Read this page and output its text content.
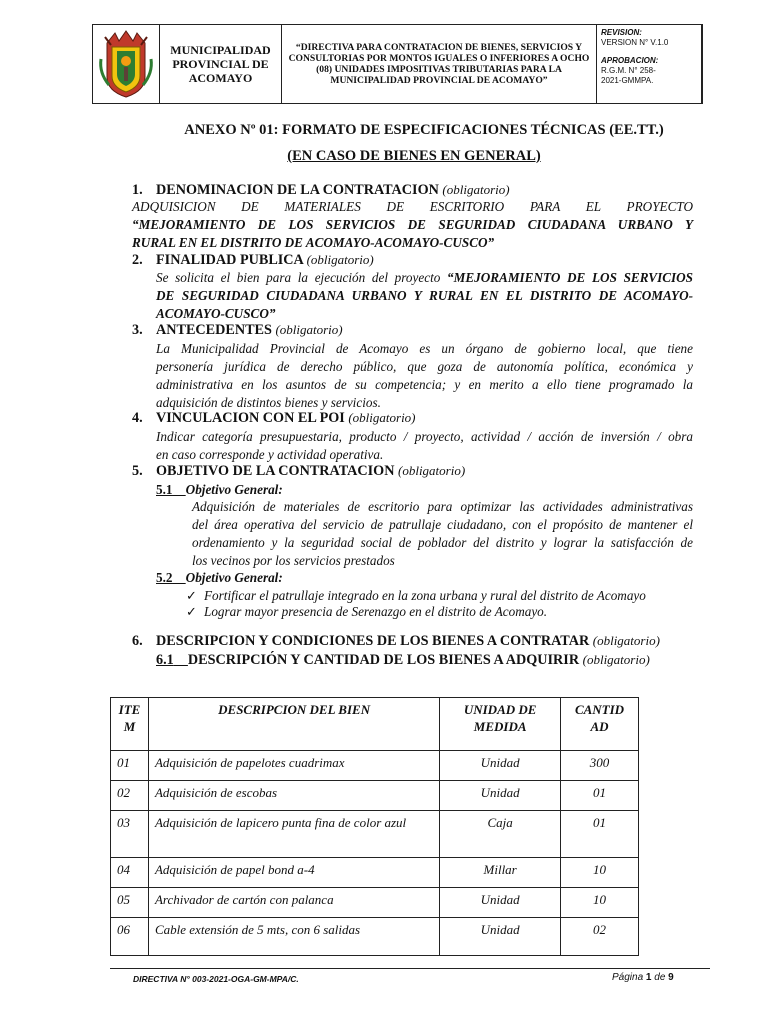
MUNICIPALIDAD PROVINCIAL DE ACOMAYO
“DIRECTIVA PARA CONTRATACION DE BIENES, SERVICIOS Y CONSULTORIAS POR MONTOS IGUALES O INFERIORES A OCHO (08) UNIDADES IMPOSITIVAS TRIBUTARIAS PARA LA MUNICIPALIDAD PROVINCIAL DE ACOMAYO”
REVISION:
VERSION N° V.1.0
APROBACION:
R.G.M. N° 258-
2021-GMMPA.
ANEXO Nº 01: FORMATO DE ESPECIFICACIONES TÉCNICAS (EE.TT.)
(EN CASO DE BIENES EN GENERAL)
1. DENOMINACION DE LA CONTRATACION (obligatorio)
ADQUISICION DE MATERIALES DE ESCRITORIO PARA EL PROYECTO
“MEJORAMIENTO DE LOS SERVICIOS DE SEGURIDAD CIUDADANA URBANO Y
RURAL EN EL DISTRITO DE ACOMAYO-ACOMAYO-CUSCO”
2. FINALIDAD PUBLICA (obligatorio)
Se solicita el bien para la ejecución del proyecto “MEJORAMIENTO DE LOS SERVICIOS
DE SEGURIDAD CIUDADANA URBANO Y RURAL EN EL DISTRITO DE ACOMAYO-
ACOMAYO-CUSCO”
3. ANTECEDENTES (obligatorio)
La Municipalidad Provincial de Acomayo es un órgano de gobierno local, que tiene
personería jurídica de derecho público, que goza de autonomía política, económica y
administrativa en los asuntos de su competencia; y en merito a ello tiene programado la
adquisición de distintos bienes y servicios.
4. VINCULACION CON EL POI (obligatorio)
Indicar categoría presupuestaria, producto / proyecto, actividad / acción de inversión / obra
en caso corresponde y actividad operativa.
5. OBJETIVO DE LA CONTRATACION (obligatorio)
5.1 Objetivo General:
Adquisición de materiales de escritorio para optimizar las actividades administrativas
del área operativa del servicio de patrullaje ciudadano, con el propósito de mantener el
ordenamiento y la seguridad social de poblador del distrito y lograr la satisfacción de
los vecinos por los servicios prestados
5.2 Objetivo General:
✓ Fortificar el patrullaje integrado en la zona urbana y rural del distrito de Acomayo
✓ Lograr mayor presencia de Serenazgo en el distrito de Acomayo.
6. DESCRIPCION Y CONDICIONES DE LOS BIENES A CONTRATAR (obligatorio)
6.1 DESCRIPCIÓN Y CANTIDAD DE LOS BIENES A ADQUIRIR (obligatorio)
ITE M	DESCRIPCION DEL BIEN	UNIDAD DE MEDIDA	CANTID AD
01	Adquisición de papelotes cuadrimax	Unidad	300
02	Adquisición de escobas	Unidad	01
03	Adquisición de lapicero punta fina de color azul	Caja	01
04	Adquisición de papel bond a-4	Millar	10
05	Archivador de cartón con palanca	Unidad	10
06	Cable extensión de 5 mts, con 6 salidas	Unidad	02
DIRECTIVA N° 003-2021-OGA-GM-MPA/C.	Página 1 de 9
